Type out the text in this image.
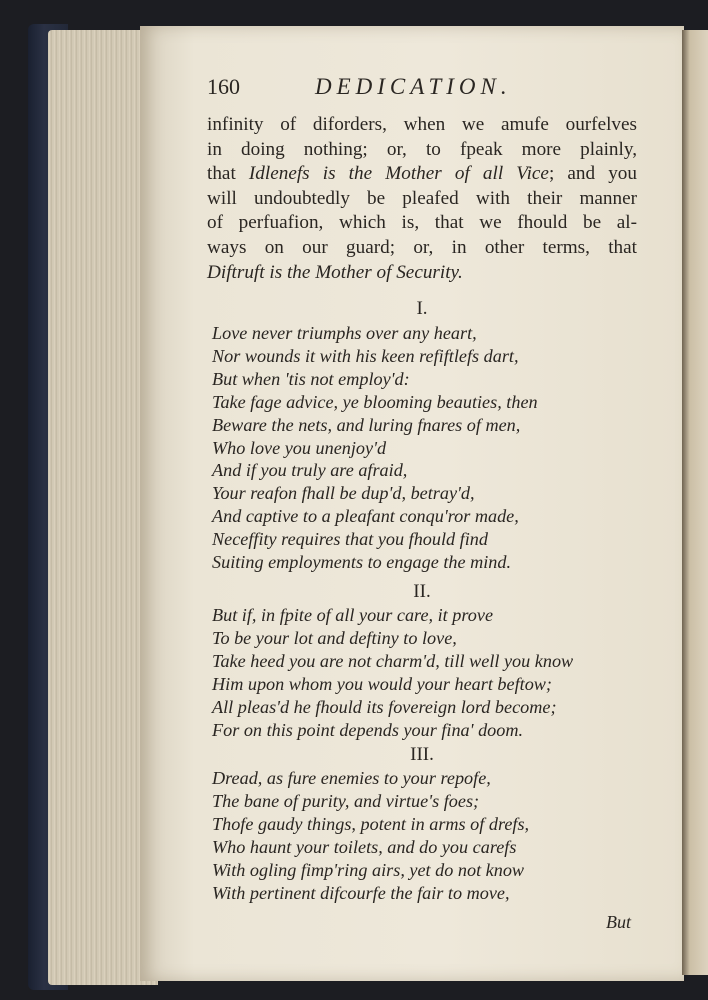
160	DEDICATION.
infinity of diforders, when we amufe ourfelves
in doing nothing; or, to fpeak more plainly,
that Idlenefs is the Mother of all Vice; and you
will undoubtedly be pleafed with their manner
of perfuafion, which is, that we fhould be al-
ways on our guard; or, in other terms, that
Diftruft is the Mother of Security.
I.
Love never triumphs over any heart,
Nor wounds it with his keen refiftlefs dart,
But when 'tis not employ'd:
Take fage advice, ye blooming beauties, then
Beware the nets, and luring fnares of men,
Who love you unenjoy'd
And if you truly are afraid,
Your reafon fhall be dup'd, betray'd,
And captive to a pleafant conqu'ror made,
Neceffity requires that you fhould find
Suiting employments to engage the mind.
II.
But if, in fpite of all your care, it prove
To be your lot and deftiny to love,
Take heed you are not charm'd, till well you know
Him upon whom you would your heart beftow;
All pleas'd he fhould its fovereign lord become;
For on this point depends your fina' doom.
III.
Dread, as fure enemies to your repofe,
The bane of purity, and virtue's foes;
Thofe gaudy things, potent in arms of drefs,
Who haunt your toilets, and do you carefs
With ogling fimp'ring airs, yet do not know
With pertinent difcourfe the fair to move,
But
